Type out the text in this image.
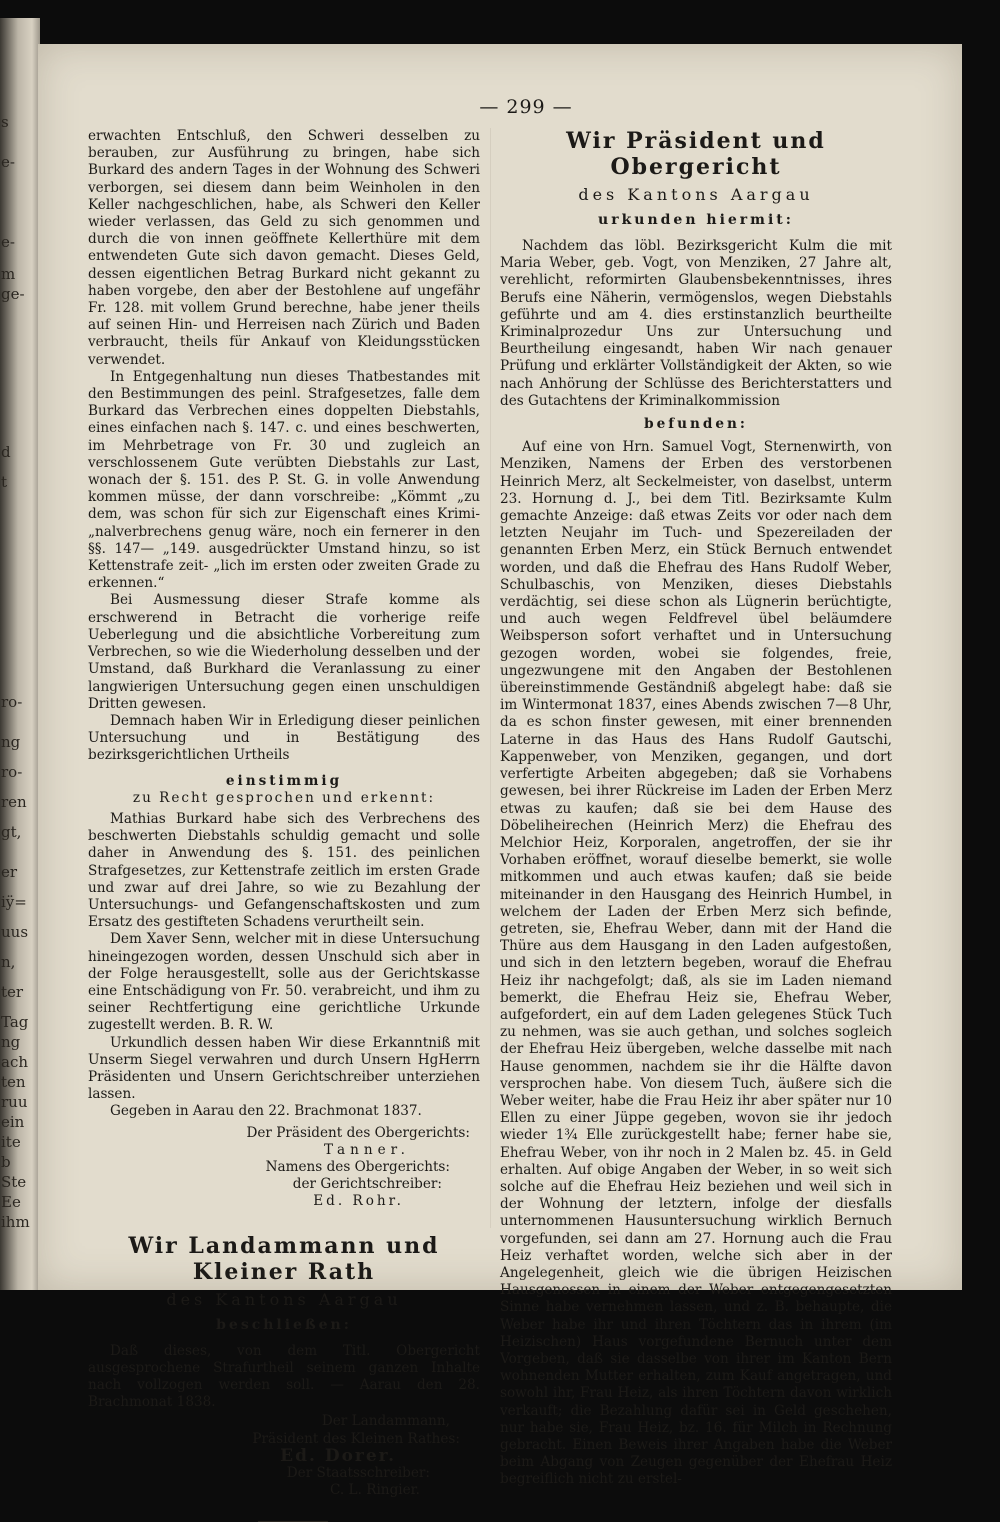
s
e-
e-
m
ge-
d
t
ro-
ng
ro-
ren
gt,
er
iÿ=
uus
n,
ter
Tag
ng
ach
ten
ruu
ein
ite
b
Ste
Ee
ihm
— 299 —

erwachten Entschluß, den Schweri desselben zu berauben, zur Ausführung zu bringen, habe sich Burkard des andern Tages in der Wohnung des Schweri verborgen, sei diesem dann beim Weinholen in den Keller nachgeschlichen, habe, als Schweri den Keller wieder verlassen, das Geld zu sich genommen und durch die von innen geöffnete Kellerthüre mit dem entwendeten Gute sich davon gemacht. Dieses Geld, dessen eigentlichen Betrag Burkard nicht gekannt zu haben vorgebe, den aber der Bestohlene auf ungefähr Fr. 128. mit vollem Grund berechne, habe jener theils auf seinen Hin- und Herreisen nach Zürich und Baden verbraucht, theils für Ankauf von Kleidungsstücken verwendet.

In Entgegenhaltung nun dieses Thatbestandes mit den Bestimmungen des peinl. Strafgesetzes, falle dem Burkard das Verbrechen eines doppelten Diebstahls, eines einfachen nach §. 147. c. und eines beschwerten, im Mehrbetrage von Fr. 30 und zugleich an verschlossenem Gute verübten Diebstahls zur Last, wonach der §. 151. des P. St. G. in volle Anwendung kommen müsse, der dann vorschreibe: „Kömmt „zu dem, was schon für sich zur Eigenschaft eines Krimi- „nalverbrechens genug wäre, noch ein fernerer in den §§. 147— „149. ausgedrückter Umstand hinzu, so ist Kettenstrafe zeit- „lich im ersten oder zweiten Grade zu erkennen.“

Bei Ausmessung dieser Strafe komme als erschwerend in Betracht die vorherige reife Ueberlegung und die absichtliche Vorbereitung zum Verbrechen, so wie die Wiederholung desselben und der Umstand, daß Burkhard die Veranlassung zu einer langwierigen Untersuchung gegen einen unschuldigen Dritten gewesen.

Demnach haben Wir in Erledigung dieser peinlichen Untersuchung und in Bestätigung des bezirksgerichtlichen Urtheils

einstimmig

zu Recht gesprochen und erkennt:

Mathias Burkard habe sich des Verbrechens des beschwerten Diebstahls schuldig gemacht und solle daher in Anwendung des §. 151. des peinlichen Strafgesetzes, zur Kettenstrafe zeitlich im ersten Grade und zwar auf drei Jahre, so wie zu Bezahlung der Untersuchungs- und Gefangenschaftskosten und zum Ersatz des gestifteten Schadens verurtheilt sein.

Dem Xaver Senn, welcher mit in diese Untersuchung hineingezogen worden, dessen Unschuld sich aber in der Folge herausgestellt, solle aus der Gerichtskasse eine Entschädigung von Fr. 50. verabreicht, und ihm zu seiner Rechtfertigung eine gerichtliche Urkunde zugestellt werden. B. R. W.

Urkundlich dessen haben Wir diese Erkanntniß mit Unserm Siegel verwahren und durch Unsern HgHerrn Präsidenten und Unsern Gerichtschreiber unterziehen lassen.

Gegeben in Aarau den 22. Brachmonat 1837.

Der Präsident des Obergerichts:

Tanner.

Namens des Obergerichts:

der Gerichtschreiber:

Ed. Rohr.

Wir Landammann und Kleiner Rath

des Kantons Aargau

beschließen:

Daß dieses, von dem Titl. Obergericht ausgesprochene Strafurtheil seinem ganzen Inhalte nach vollzogen werden soll. — Aarau den 28. Brachmonat 1838.

Der Landammann,

Präsident des Kleinen Rathes:

Ed. Dorer.

Der Staatsschreiber:

C. L. Ringier.

Wir Präsident und Obergericht

des Kantons Aargau

urkunden hiermit:

Nachdem das löbl. Bezirksgericht Kulm die mit Maria Weber, geb. Vogt, von Menziken, 27 Jahre alt, verehlicht, reformirten Glaubensbekenntnisses, ihres Berufs eine Näherin, vermögenslos, wegen Diebstahls geführte und am 4. dies erstinstanzlich beurtheilte Kriminalprozedur Uns zur Untersuchung und Beurtheilung eingesandt, haben Wir nach genauer Prüfung und erklärter Vollständigkeit der Akten, so wie nach Anhörung der Schlüsse des Berichterstatters und des Gutachtens der Kriminalkommission

befunden:

Auf eine von Hrn. Samuel Vogt, Sternenwirth, von Menziken, Namens der Erben des verstorbenen Heinrich Merz, alt Seckelmeister, von daselbst, unterm 23. Hornung d. J., bei dem Titl. Bezirksamte Kulm gemachte Anzeige: daß etwas Zeits vor oder nach dem letzten Neujahr im Tuch- und Spezereiladen der genannten Erben Merz, ein Stück Bernuch entwendet worden, und daß die Ehefrau des Hans Rudolf Weber, Schulbaschis, von Menziken, dieses Diebstahls verdächtig, sei diese schon als Lügnerin berüchtigte, und auch wegen Feldfrevel übel beläumdere Weibsperson sofort verhaftet und in Untersuchung gezogen worden, wobei sie folgendes, freie, ungezwungene mit den Angaben der Bestohlenen übereinstimmende Geständniß abgelegt habe: daß sie im Wintermonat 1837, eines Abends zwischen 7—8 Uhr, da es schon finster gewesen, mit einer brennenden Laterne in das Haus des Hans Rudolf Gautschi, Kappenweber, von Menziken, gegangen, und dort verfertigte Arbeiten abgegeben; daß sie Vorhabens gewesen, bei ihrer Rückreise im Laden der Erben Merz etwas zu kaufen; daß sie bei dem Hause des Döbeliheirechen (Heinrich Merz) die Ehefrau des Melchior Heiz, Korporalen, angetroffen, der sie ihr Vorhaben eröffnet, worauf dieselbe bemerkt, sie wolle mitkommen und auch etwas kaufen; daß sie beide miteinander in den Hausgang des Heinrich Humbel, in welchem der Laden der Erben Merz sich befinde, getreten, sie, Ehefrau Weber, dann mit der Hand die Thüre aus dem Hausgang in den Laden aufgestoßen, und sich in den letztern begeben, worauf die Ehefrau Heiz ihr nachgefolgt; daß, als sie im Laden niemand bemerkt, die Ehefrau Heiz sie, Ehefrau Weber, aufgefordert, ein auf dem Laden gelegenes Stück Tuch zu nehmen, was sie auch gethan, und solches sogleich der Ehefrau Heiz übergeben, welche dasselbe mit nach Hause genommen, nachdem sie ihr die Hälfte davon versprochen habe. Von diesem Tuch, äußere sich die Weber weiter, habe die Frau Heiz ihr aber später nur 10 Ellen zu einer Jüppe gegeben, wovon sie ihr jedoch wieder 1¾ Elle zurückgestellt habe; ferner habe sie, Ehefrau Weber, von ihr noch in 2 Malen bz. 45. in Geld erhalten. Auf obige Angaben der Weber, in so weit sich solche auf die Ehefrau Heiz beziehen und weil sich in der Wohnung der letztern, infolge der diesfalls unternommenen Hausuntersuchung wirklich Bernuch vorgefunden, sei dann am 27. Hornung auch die Frau Heiz verhaftet worden, welche sich aber in der Angelegenheit, gleich wie die übrigen Heizischen Hausgenossen in einem der Weber entgegengesetzten Sinne habe vernehmen lassen, und z. B. behaupte, die Weber habe ihr und ihren Töchtern das in ihrem (im Heizischen) Haus vorgefundene Bernuch unter dem Vorgeben, daß sie dasselbe von ihrer im Kanton Bern wohnenden Mutter erhalten, zum Kauf angetragen, und sowohl ihr, Frau Heiz, als ihren Töchtern davon wirklich verkauft; die Bezahlung dafür sei in Geld geschehen, nur habe sie, Frau Heiz, bz. 16. für Milch in Rechnung gebracht. Einen Beweis ihrer Angaben habe die Weber beim Abgang von Zeugen gegenüber der Ehefrau Heiz begreiflich nicht zu erstel-
